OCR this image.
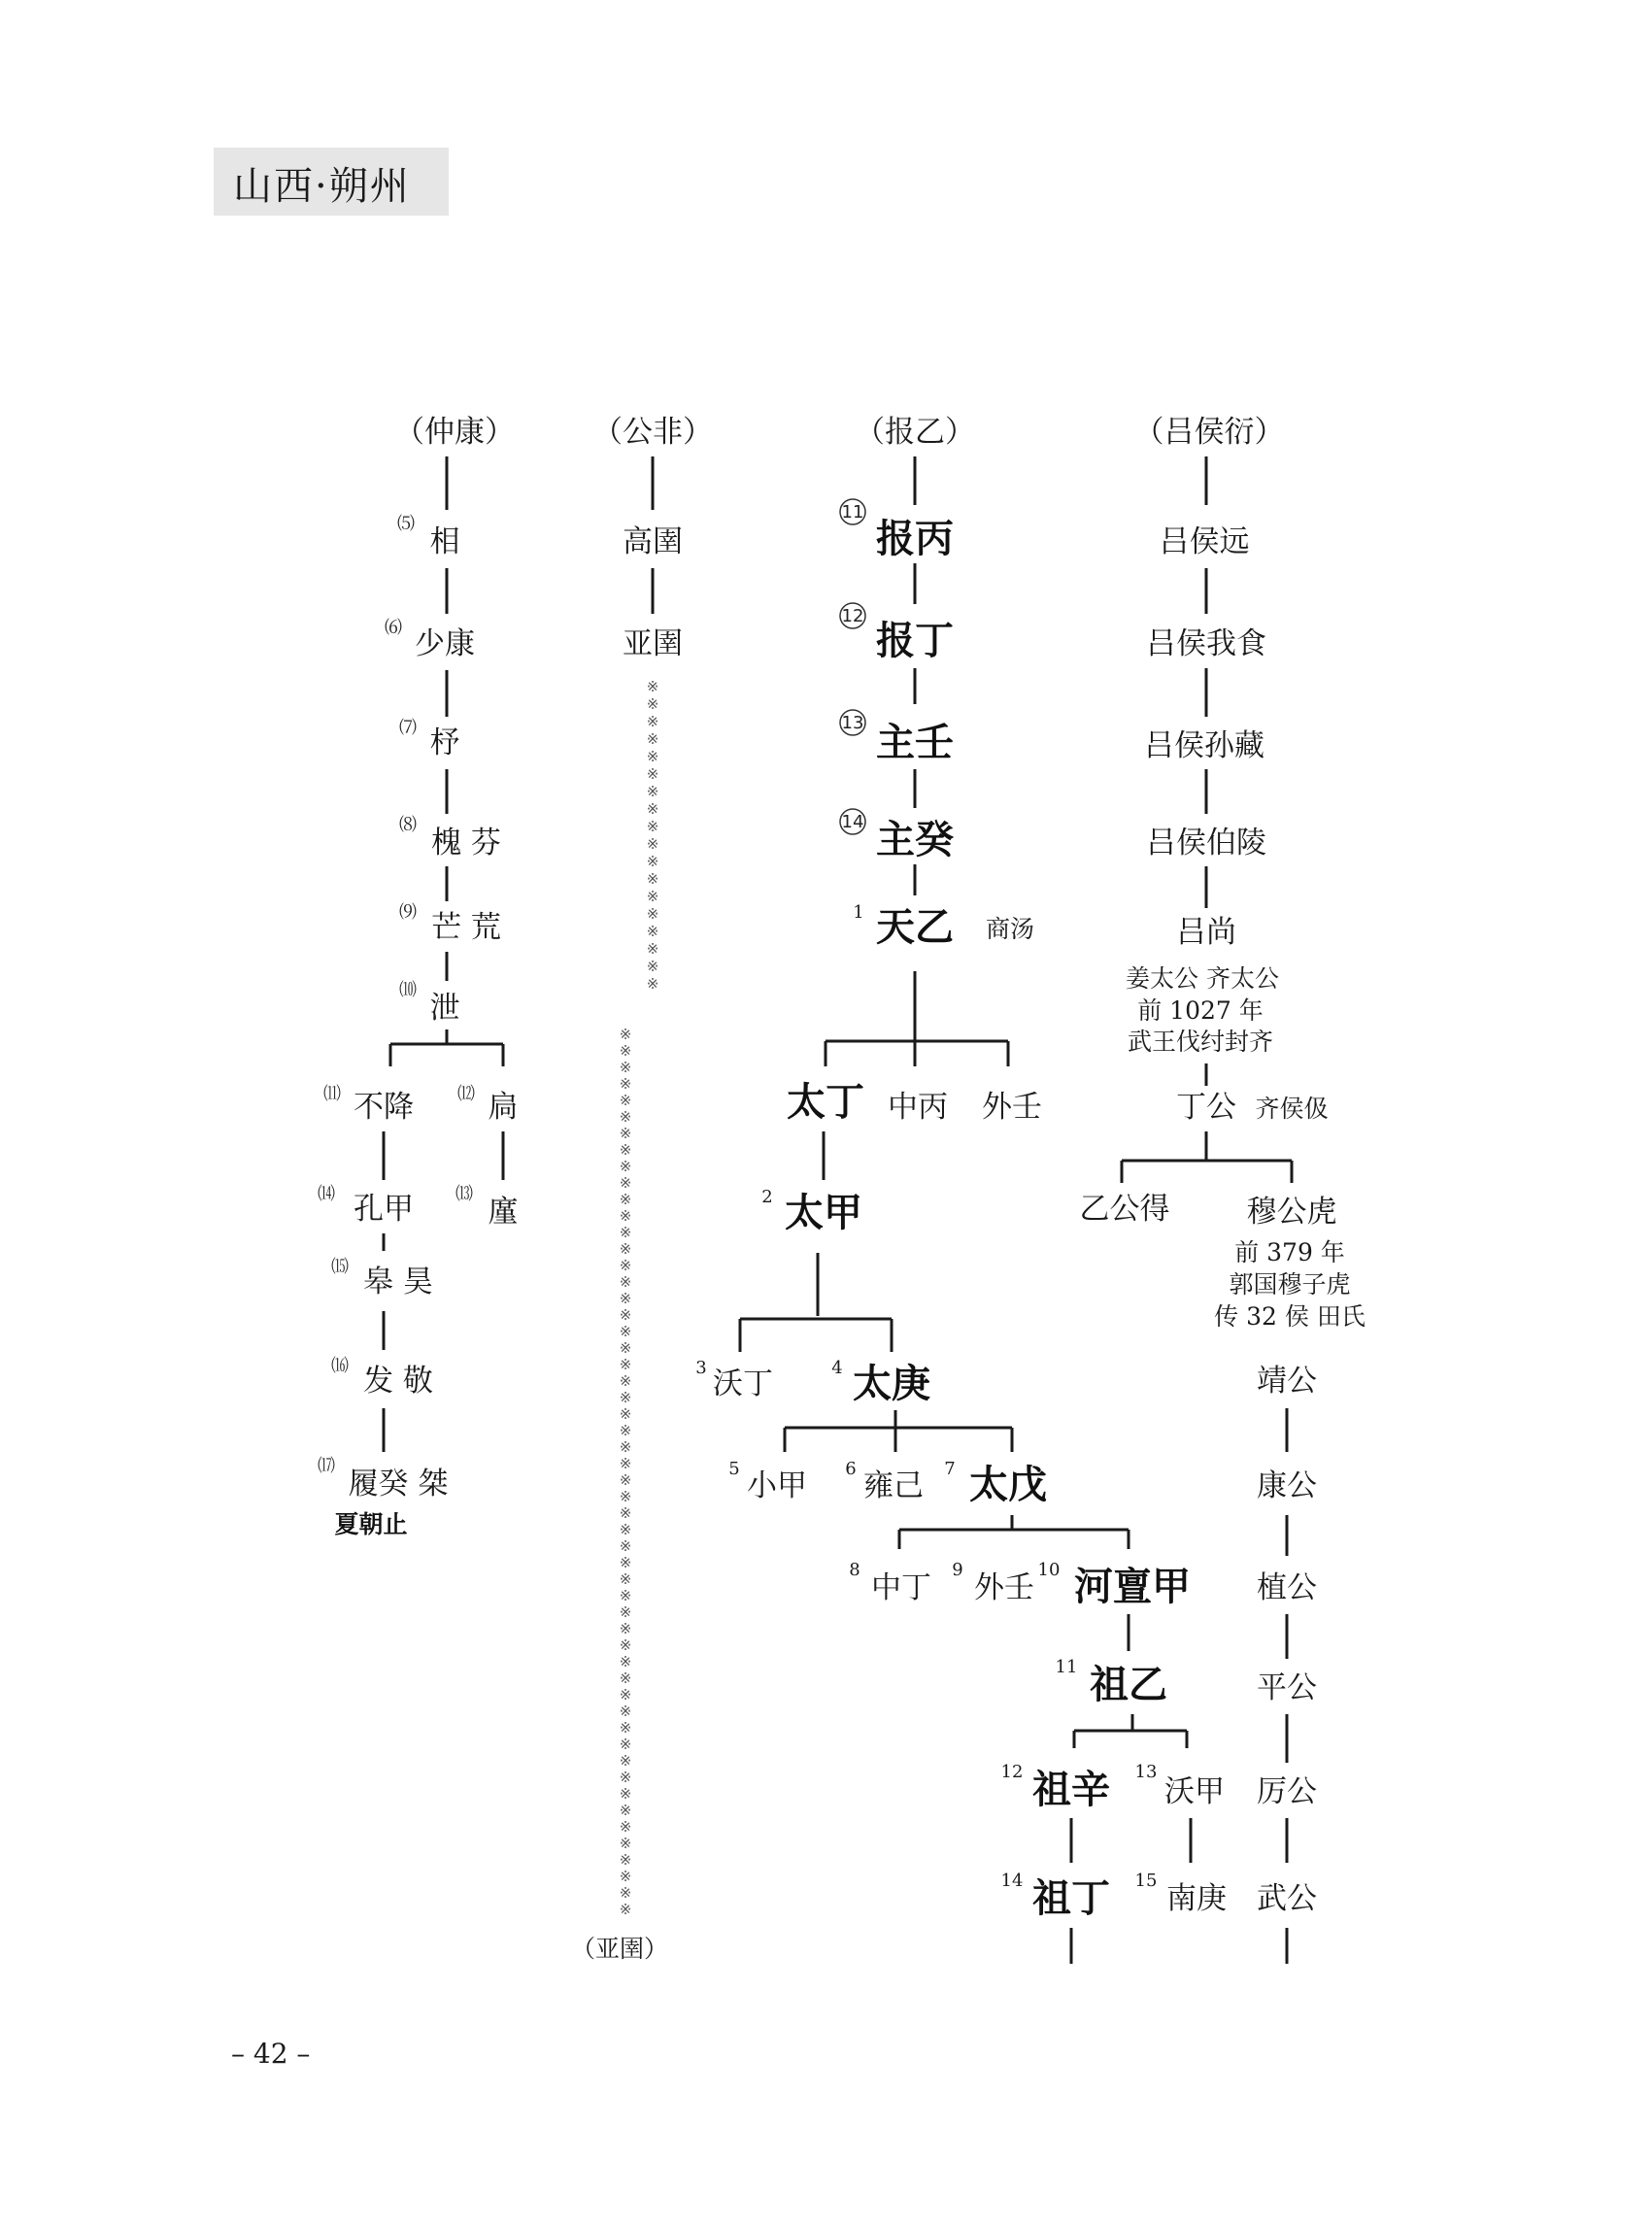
山西·朔州
（仲康）
⑸
相
⑹ 少康
⑺ 杼
⑻
槐 芬
⑼ 芒 荒
⑽
泄
⑾ 不降	⑿ 扃
⒁ 孔甲 ⒀
廑
⒂ 皋 昊
⒃ 发 敬
⒄
履癸 桀
夏朝止
（公非）
高圉
亚圉
※
※
※
※
※
※
※
※
※
※
※
※
※
※
※
※
※
※
※
※
※
※
※
※
※
※
※
※
※
※
※
※
※
※
※
※
※
※
※
※
※
※
※
※
※
※
※
※
※
※
※
※
※
※
※
※
※
※
※
※
※
※
※
※
※
※
※
※
※
※
※
※
（亚圉）
（报乙）
11
报丙
12
报丁
13 主壬
14 主癸
1 天乙 商汤
太丁 中丙 外壬
2 太甲
3 沃丁	4 太庚
5 小甲 6 雍己 7 太戊
8
中丁
9
外壬
10 河亶甲
11 祖乙
12 祖辛 13
沃甲
14 祖丁 15
南庚
（吕侯衍）
吕侯远
吕侯我食
吕侯孙藏
吕侯伯陵
吕尚
姜太公 齐太公
前 1027 年
武王伐纣封齐
丁公 齐侯伋
乙公得	穆公虎
前 379 年
郭国穆子虎
传 32 侯 田氏
靖公
康公
植公
平公
厉公
武公
– 42 –
